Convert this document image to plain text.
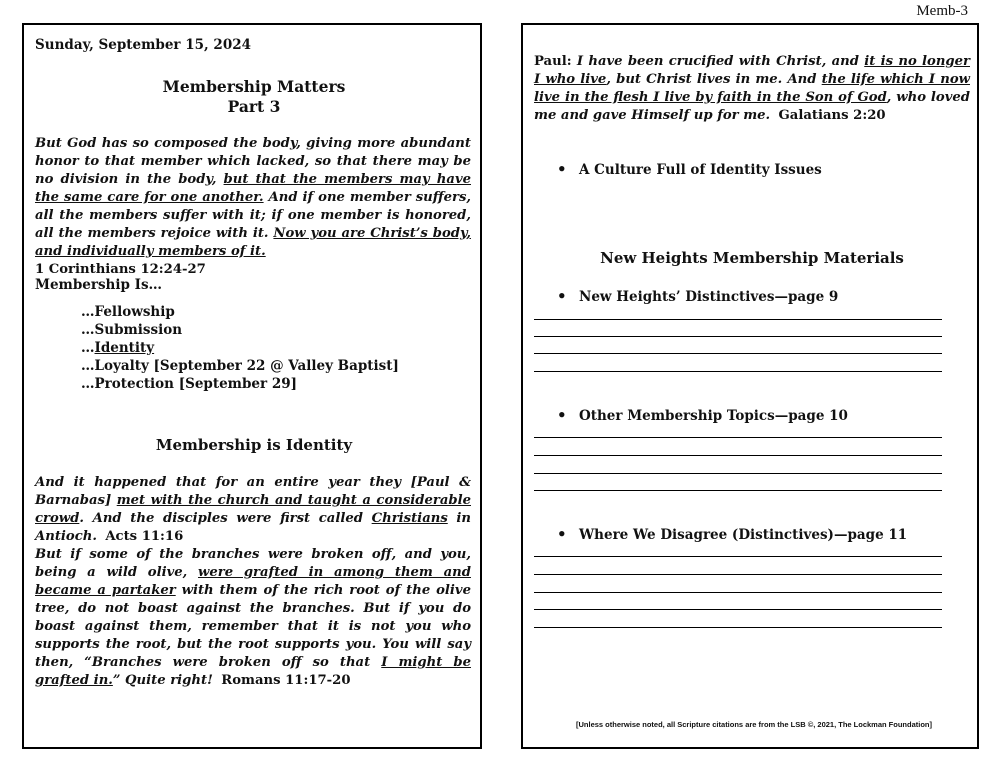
Memb-3
Sunday, September 15, 2024
Membership Matters
Part 3
But God has so composed the body, giving more abundant honor to that member which lacked, so that there may be no division in the body, but that the members may have the same care for one another. And if one member suffers, all the members suffer with it; if one member is honored, all the members rejoice with it. Now you are Christ’s body, and individually members of it.
1 Corinthians 12:24-27
Membership Is…
…Fellowship
…Submission
…Identity
…Loyalty [September 22 @ Valley Baptist]
…Protection [September 29]
Membership is Identity
And it happened that for an entire year they [Paul & Barnabas] met with the church and taught a considerable crowd. And the disciples were first called Christians in Antioch. Acts 11:16
But if some of the branches were broken off, and you, being a wild olive, were grafted in among them and became a partaker with them of the rich root of the olive tree, do not boast against the branches. But if you do boast against them, remember that it is not you who supports the root, but the root supports you. You will say then, “Branches were broken off so that I might be grafted in.” Quite right! Romans 11:17-20
Paul: I have been crucified with Christ, and it is no longer I who live, but Christ lives in me. And the life which I now live in the flesh I live by faith in the Son of God, who loved me and gave Himself up for me. Galatians 2:20
• A Culture Full of Identity Issues
New Heights Membership Materials
• New Heights’ Distinctives—page 9
• Other Membership Topics—page 10
• Where We Disagree (Distinctives)—page 11
[Unless otherwise noted, all Scripture citations are from the LSB ©, 2021, The Lockman Foundation]
